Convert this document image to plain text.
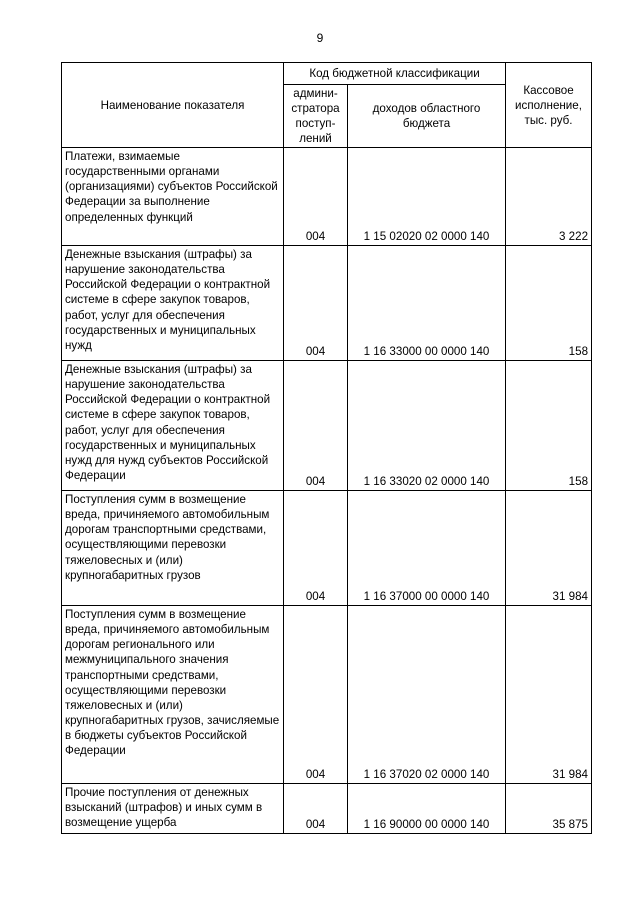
9
Наименование показателя	Код бюджетной классификации		Кассовое исполнение, тыс. руб.
	админи-стратора поступ-лений	доходов областного бюджета	
Платежи, взимаемые государственными органами (организациями) субъектов Российской Федерации за выполнение определенных функций	004	1 15 02020 02 0000 140	3 222
Денежные взыскания (штрафы) за нарушение законодательства Российской Федерации о контрактной системе в сфере закупок товаров, работ, услуг для обеспечения государственных и муниципальных нужд	004	1 16 33000 00 0000 140	158
Денежные взыскания (штрафы) за нарушение законодательства Российской Федерации о контрактной системе в сфере закупок товаров, работ, услуг для обеспечения государственных и муниципальных нужд для нужд субъектов Российской Федерации	004	1 16 33020 02 0000 140	158
Поступления сумм в возмещение вреда, причиняемого автомобильным дорогам транспортными средствами, осуществляющими перевозки тяжеловесных и (или) крупногабаритных грузов	004	1 16 37000 00 0000 140	31 984
Поступления сумм в возмещение вреда, причиняемого автомобильным дорогам регионального или межмуниципального значения транспортными средствами, осуществляющими перевозки тяжеловесных и (или) крупногабаритных грузов, зачисляемые в бюджеты субъектов Российской Федерации	004	1 16 37020 02 0000 140	31 984
Прочие поступления от денежных взысканий (штрафов) и иных сумм в возмещение ущерба	004	1 16 90000 00 0000 140	35 875
